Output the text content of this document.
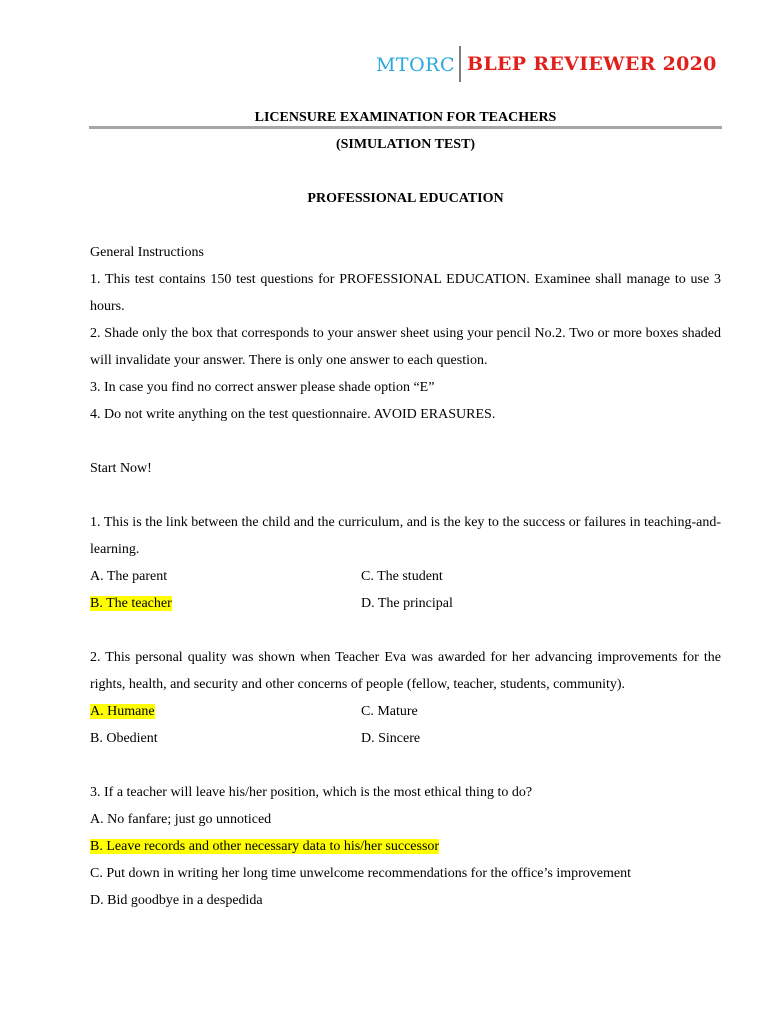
MTORC BLEP REVIEWER 2020

LICENSURE EXAMINATION FOR TEACHERS

(SIMULATION TEST)

PROFESSIONAL EDUCATION

General Instructions

1. This test contains 150 test questions for PROFESSIONAL EDUCATION. Examinee shall manage to use 3 hours.

2. Shade only the box that corresponds to your answer sheet using your pencil No.2. Two or more boxes shaded will invalidate your answer. There is only one answer to each question.

3. In case you find no correct answer please shade option “E”

4. Do not write anything on the test questionnaire. AVOID ERASURES.

Start Now!

1. This is the link between the child and the curriculum, and is the key to the success or failures in teaching-and-learning.

A. The parent	C. The student
B. The teacher	D. The principal

2. This personal quality was shown when Teacher Eva was awarded for her advancing improvements for the rights, health, and security and other concerns of people (fellow, teacher, students, community).

A. Humane	C. Mature
B. Obedient	D. Sincere

3. If a teacher will leave his/her position, which is the most ethical thing to do?

A. No fanfare; just go unnoticed

B. Leave records and other necessary data to his/her successor

C. Put down in writing her long time unwelcome recommendations for the office’s improvement

D. Bid goodbye in a despedida
